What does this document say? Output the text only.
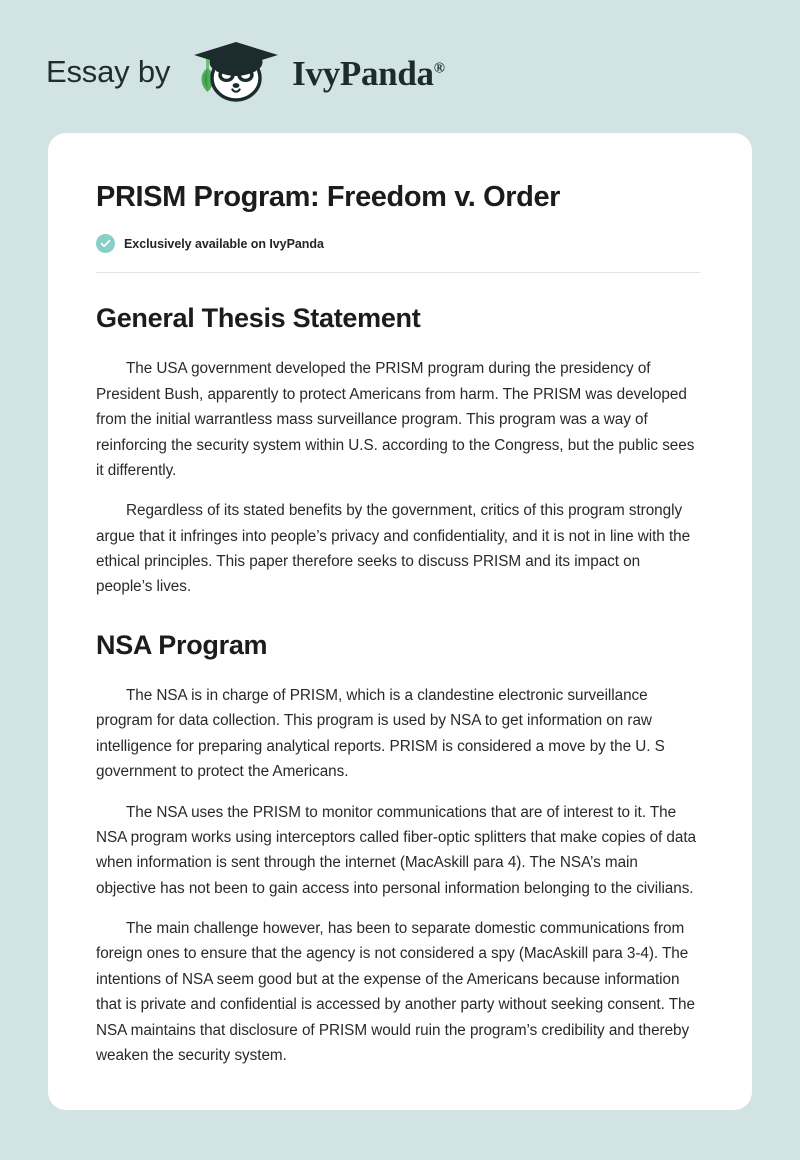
Essay by	IvyPanda®
PRISM Program: Freedom v. Order
Exclusively available on IvyPanda
General Thesis Statement

The USA government developed the PRISM program during the presidency of President Bush, apparently to protect Americans from harm. The PRISM was developed from the initial warrantless mass surveillance program. This program was a way of reinforcing the security system within U.S. according to the Congress, but the public sees it differently.

Regardless of its stated benefits by the government, critics of this program strongly argue that it infringes into people’s privacy and confidentiality, and it is not in line with the ethical principles. This paper therefore seeks to discuss PRISM and its impact on people’s lives.

NSA Program

The NSA is in charge of PRISM, which is a clandestine electronic surveillance program for data collection. This program is used by NSA to get information on raw intelligence for preparing analytical reports. PRISM is considered a move by the U. S government to protect the Americans.

The NSA uses the PRISM to monitor communications that are of interest to it. The NSA program works using interceptors called fiber-optic splitters that make copies of data when information is sent through the internet (MacAskill para 4). The NSA’s main objective has not been to gain access into personal information belonging to the civilians.

The main challenge however, has been to separate domestic communications from foreign ones to ensure that the agency is not considered a spy (MacAskill para 3-4). The intentions of NSA seem good but at the expense of the Americans because information that is private and confidential is accessed by another party without seeking consent. The NSA maintains that disclosure of PRISM would ruin the program’s credibility and thereby weaken the security system.
